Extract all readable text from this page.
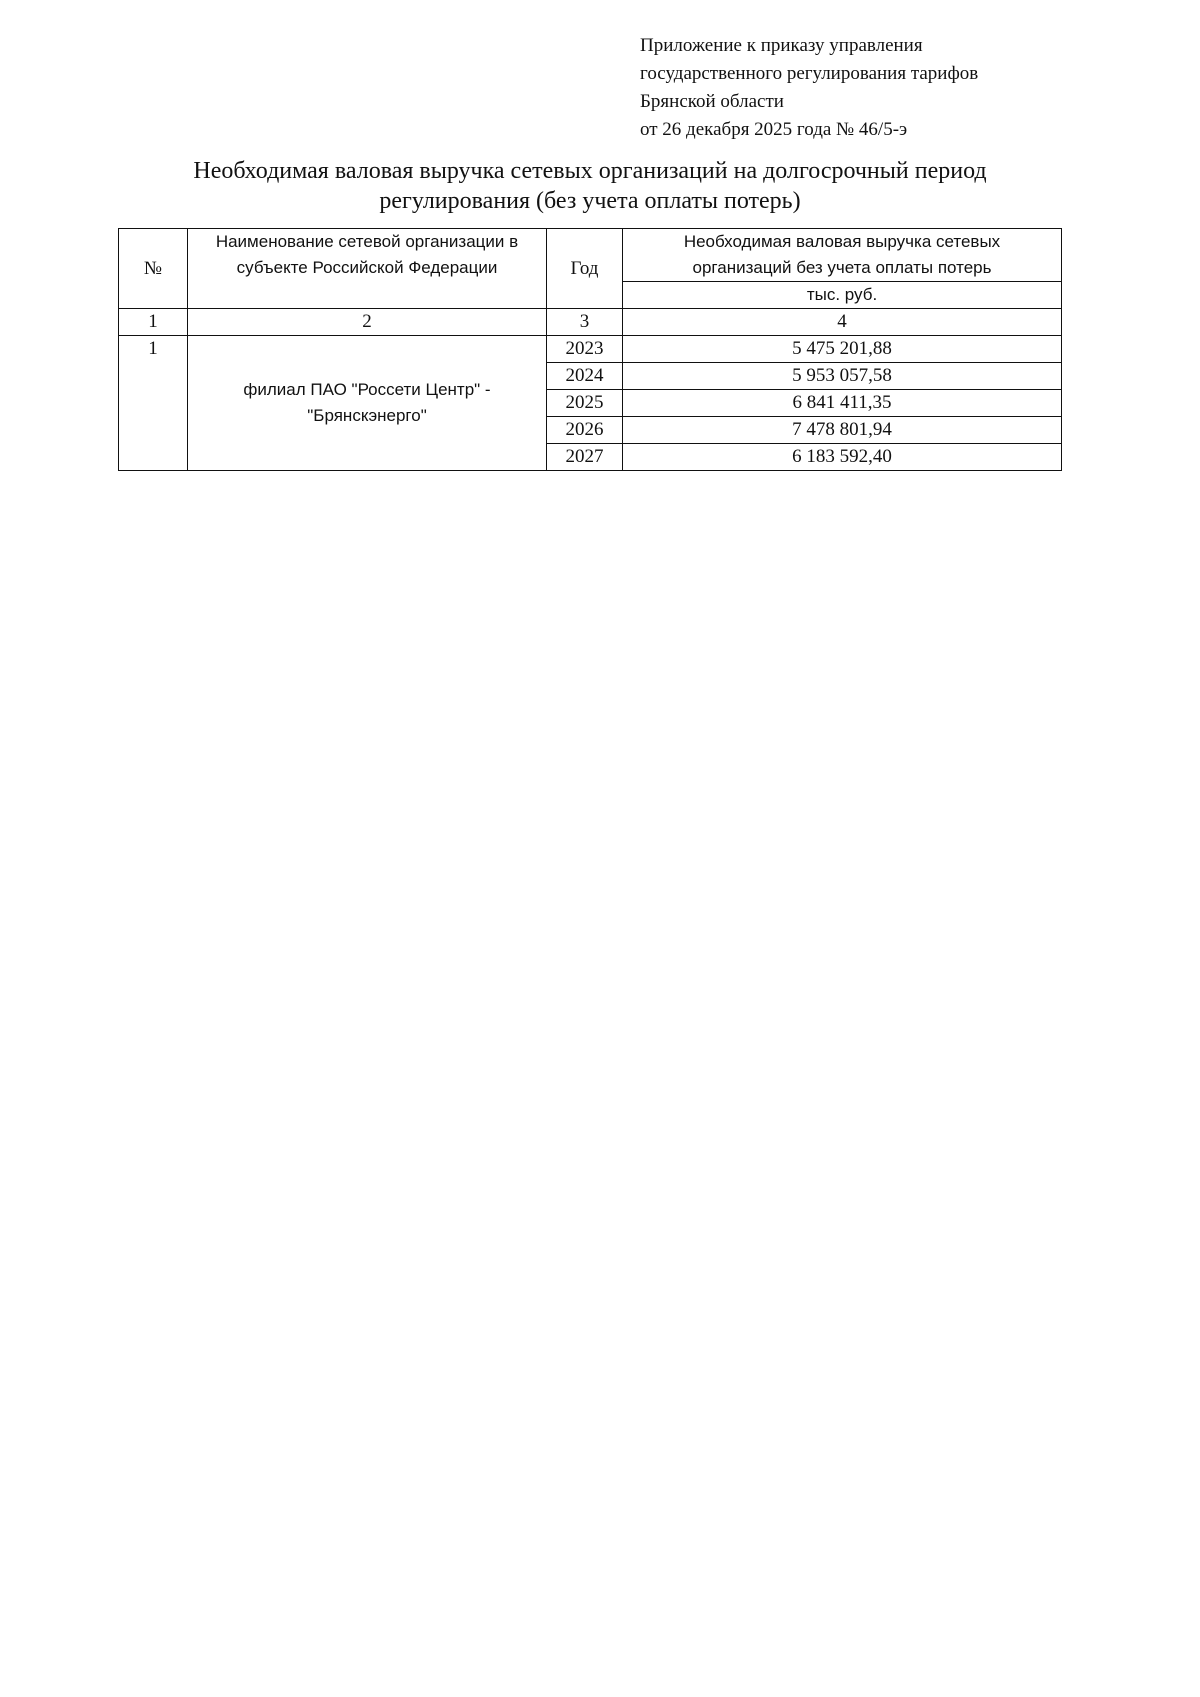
Приложение к приказу управления
государственного регулирования тарифов
Брянской области
от 26 декабря 2025 года № 46/5-э
Необходимая валовая выручка сетевых организаций на долгосрочный период
регулирования (без учета оплаты потерь)
№	Наименование сетевой организации в субъекте Российской Федерации	Год	Необходимая валовая выручка сетевых организаций без учета оплаты потерь
			тыс. руб.
1	2	3	4
1	филиал ПАО "Россети Центр" - "Брянскэнерго"	2023	5 475 201,88
		2024	5 953 057,58
		2025	6 841 411,35
		2026	7 478 801,94
		2027	6 183 592,40
